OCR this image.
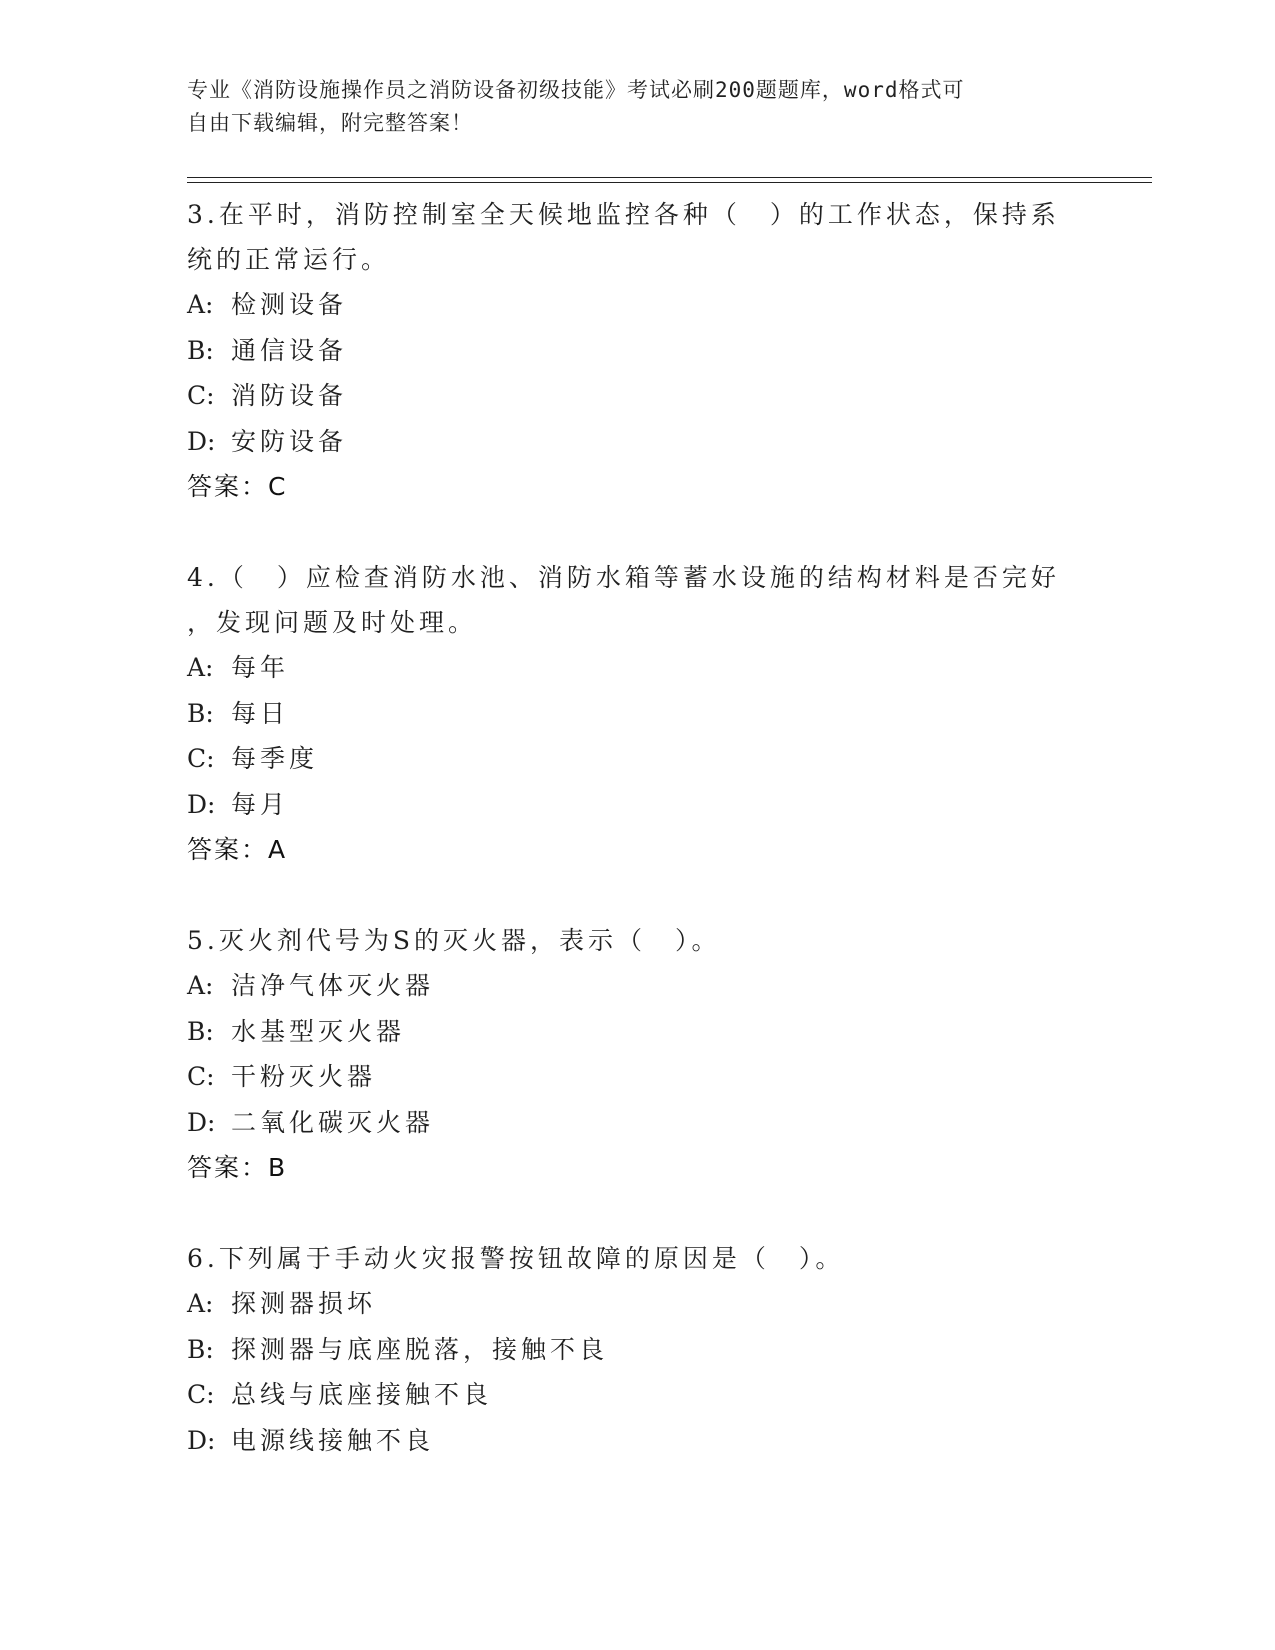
专业《消防设施操作员之消防设备初级技能》考试必刷200题题库，word格式可
自由下载编辑，附完整答案！
3.在平时，消防控制室全天候地监控各种（　）的工作状态，保持系
统的正常运行。
A: 检测设备
B: 通信设备
C: 消防设备
D: 安防设备
答案：C
4.（　）应检查消防水池、消防水箱等蓄水设施的结构材料是否完好
，发现问题及时处理。
A: 每年
B: 每日
C: 每季度
D: 每月
答案：A
5.灭火剂代号为S的灭火器，表示（　）。
A: 洁净气体灭火器
B: 水基型灭火器
C: 干粉灭火器
D: 二氧化碳灭火器
答案：B
6.下列属于手动火灾报警按钮故障的原因是（　）。
A: 探测器损坏
B: 探测器与底座脱落，接触不良
C: 总线与底座接触不良
D: 电源线接触不良
